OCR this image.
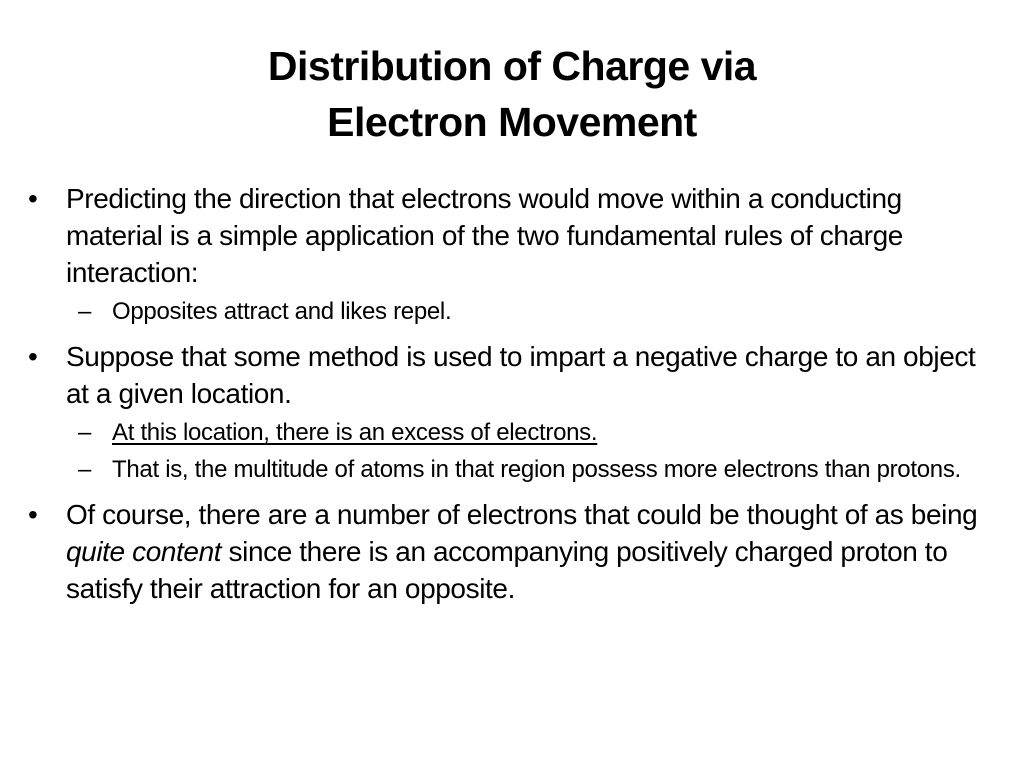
Distribution of Charge via
Electron Movement
•	Predicting the direction that electrons would move within a conducting material is a simple application of the two fundamental rules of charge interaction:
– Opposites attract and likes repel.
•	Suppose that some method is used to impart a negative charge to an object at a given location.
– At this location, there is an excess of electrons.
– That is, the multitude of atoms in that region possess more electrons than protons.
•	Of course, there are a number of electrons that could be thought of as being quite content since there is an accompanying positively charged proton to satisfy their attraction for an opposite.
